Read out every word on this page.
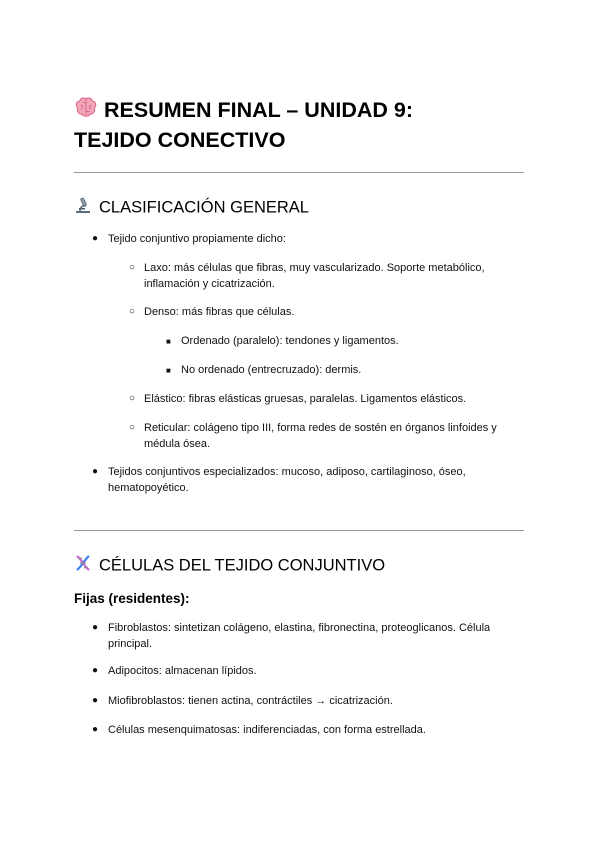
RESUMEN FINAL – UNIDAD 9:
TEJIDO CONECTIVO
CLASIFICACIÓN GENERAL
● Tejido conjuntivo propiamente dicho:
○ Laxo: más células que fibras, muy vascularizado. Soporte metabólico, inflamación y cicatrización.
○ Denso: más fibras que células.
■ Ordenado (paralelo): tendones y ligamentos.
■ No ordenado (entrecruzado): dermis.
○ Elástico: fibras elásticas gruesas, paralelas. Ligamentos elásticos.
○ Reticular: colágeno tipo III, forma redes de sostén en órganos linfoides y médula ósea.
● Tejidos conjuntivos especializados: mucoso, adiposo, cartilaginoso, óseo, hematopoyético.
CÉLULAS DEL TEJIDO CONJUNTIVO
Fijas (residentes):
● Fibroblastos: sintetizan colágeno, elastina, fibronectina, proteoglicanos. Célula principal.
● Adipocitos: almacenan lípidos.
● Miofibroblastos: tienen actina, contráctiles → cicatrización.
● Células mesenquimatosas: indiferenciadas, con forma estrellada.
